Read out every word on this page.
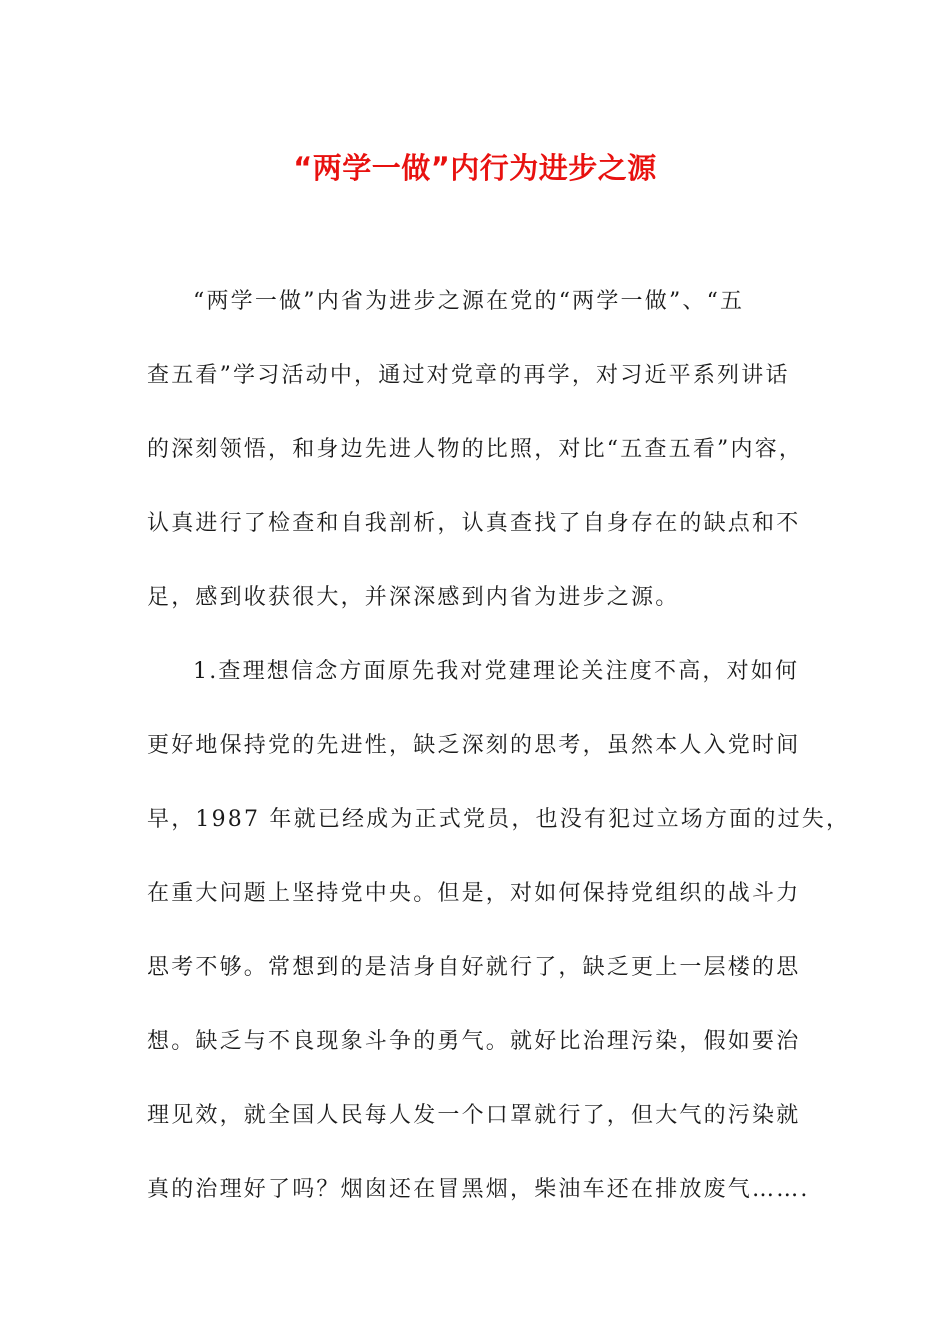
“两学一做”内行为进步之源
“两学一做”内省为进步之源在党的“两学一做”、“五
查五看”学习活动中，通过对党章的再学，对习近平系列讲话
的深刻领悟，和身边先进人物的比照，对比“五查五看”内容，
认真进行了检查和自我剖析，认真查找了自身存在的缺点和不
足，感到收获很大，并深深感到内省为进步之源。
1.查理想信念方面原先我对党建理论关注度不高，对如何
更好地保持党的先进性，缺乏深刻的思考，虽然本人入党时间
早，1987 年就已经成为正式党员，也没有犯过立场方面的过失，
在重大问题上坚持党中央。但是，对如何保持党组织的战斗力
思考不够。常想到的是洁身自好就行了，缺乏更上一层楼的思
想。缺乏与不良现象斗争的勇气。就好比治理污染，假如要治
理见效，就全国人民每人发一个口罩就行了，但大气的污染就
真的治理好了吗？烟囱还在冒黑烟，柴油车还在排放废气…….
